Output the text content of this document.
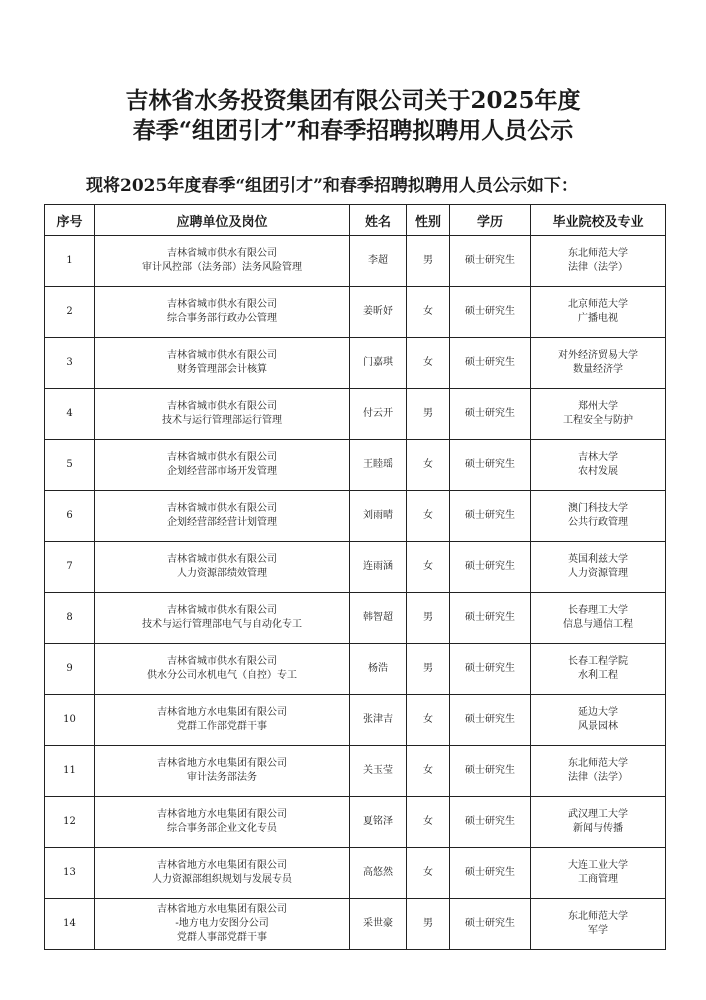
吉林省水务投资集团有限公司关于2025年度
春季“组团引才”和春季招聘拟聘用人员公示
现将2025年度春季“组团引才”和春季招聘拟聘用人员公示如下：
序号	应聘单位及岗位	姓名	性别	学历	毕业院校及专业
1	吉林省城市供水有限公司
审计风控部（法务部）法务风险管理	李超	男	硕士研究生	东北师范大学
法律（法学）

2	吉林省城市供水有限公司
综合事务部行政办公管理	姜昕妤	女	硕士研究生	北京师范大学
广播电视

3	吉林省城市供水有限公司
财务管理部会计核算	门嘉琪	女	硕士研究生	对外经济贸易大学
数量经济学

4	吉林省城市供水有限公司
技术与运行管理部运行管理	付云开	男	硕士研究生	郑州大学
工程安全与防护

5	吉林省城市供水有限公司
企划经营部市场开发管理	王睦瑶	女	硕士研究生	吉林大学
农村发展

6	吉林省城市供水有限公司
企划经营部经营计划管理	刘雨晴	女	硕士研究生	澳门科技大学
公共行政管理

7	吉林省城市供水有限公司
人力资源部绩效管理	连雨涵	女	硕士研究生	英国利兹大学
人力资源管理

8	吉林省城市供水有限公司
技术与运行管理部电气与自动化专工	韩智超	男	硕士研究生	长春理工大学
信息与通信工程

9	吉林省城市供水有限公司
供水分公司水机电气（自控）专工	杨浩	男	硕士研究生	长春工程学院
水利工程

10	吉林省地方水电集团有限公司
党群工作部党群干事	张津吉	女	硕士研究生	延边大学
风景园林

11	吉林省地方水电集团有限公司
审计法务部法务	关玉莹	女	硕士研究生	东北师范大学
法律（法学）

12	吉林省地方水电集团有限公司
综合事务部企业文化专员	夏铭泽	女	硕士研究生	武汉理工大学
新闻与传播

13	吉林省地方水电集团有限公司
人力资源部组织规划与发展专员	高悠然	女	硕士研究生	大连工业大学
工商管理

14	吉林省地方水电集团有限公司
-地方电力安图分公司
党群人事部党群干事	采世豪	男	硕士研究生	东北师范大学
军学
